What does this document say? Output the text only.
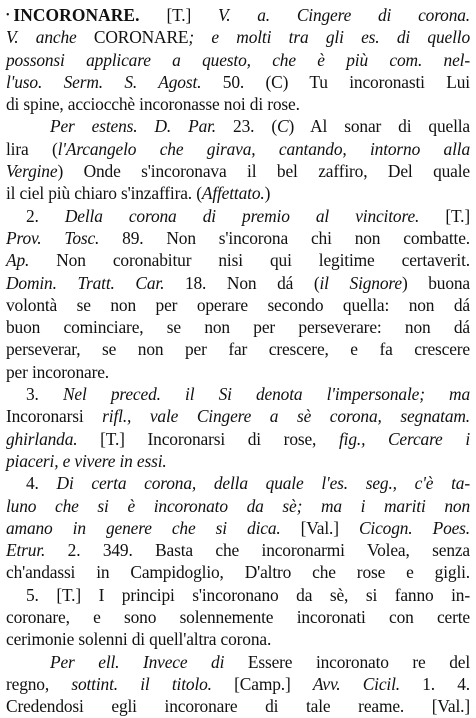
• INCORONARE. [T.] V. a. Cingere di corona.
V. anche CORONARE; e molti tra gli es. di quello
possonsi applicare a questo, che è più com. nel-
l'uso. Serm. S. Agost. 50. (C) Tu incoronasti Lui
di spine, acciocchè incoronasse noi di rose.
Per estens. D. Par. 23. (C) Al sonar di quella
lira (l'Arcangelo che girava, cantando, intorno alla
Vergine) Onde s'incoronava il bel zaffiro, Del quale
il ciel più chiaro s'inzaffira. (Affettato.)
2. Della corona di premio al vincitore. [T.]
Prov. Tosc. 89. Non s'incorona chi non combatte.
Ap. Non coronabitur nisi qui legitime certaverit.
Domin. Tratt. Car. 18. Non dá (il Signore) buona
volontà se non per operare secondo quella: non dá
buon cominciare, se non per perseverare: non dá
perseverar, se non per far crescere, e fa crescere
per incoronare.
3. Nel preced. il Si denota l'impersonale; ma
Incoronarsi rifl., vale Cingere a sè corona, segnatam.
ghirlanda. [T.] Incoronarsi di rose, fig., Cercare i
piaceri, e vivere in essi.
4. Di certa corona, della quale l'es. seg., c'è ta-
luno che si è incoronato da sè; ma i mariti non
amano in genere che si dica. [Val.] Cicogn. Poes.
Etrur. 2. 349. Basta che incoronarmi Volea, senza
ch'andassi in Campidoglio, D'altro che rose e gigli.
5. [T.] I principi s'incoronano da sè, si fanno in-
coronare, e sono solennemente incoronati con certe
cerimonie solenni di quell'altra corona.
Per ell. Invece di Essere incoronato re del
regno, sottint. il titolo. [Camp.] Avv. Cicil. 1. 4.
Credendosi egli incoronare di tale reame. [Val.]
